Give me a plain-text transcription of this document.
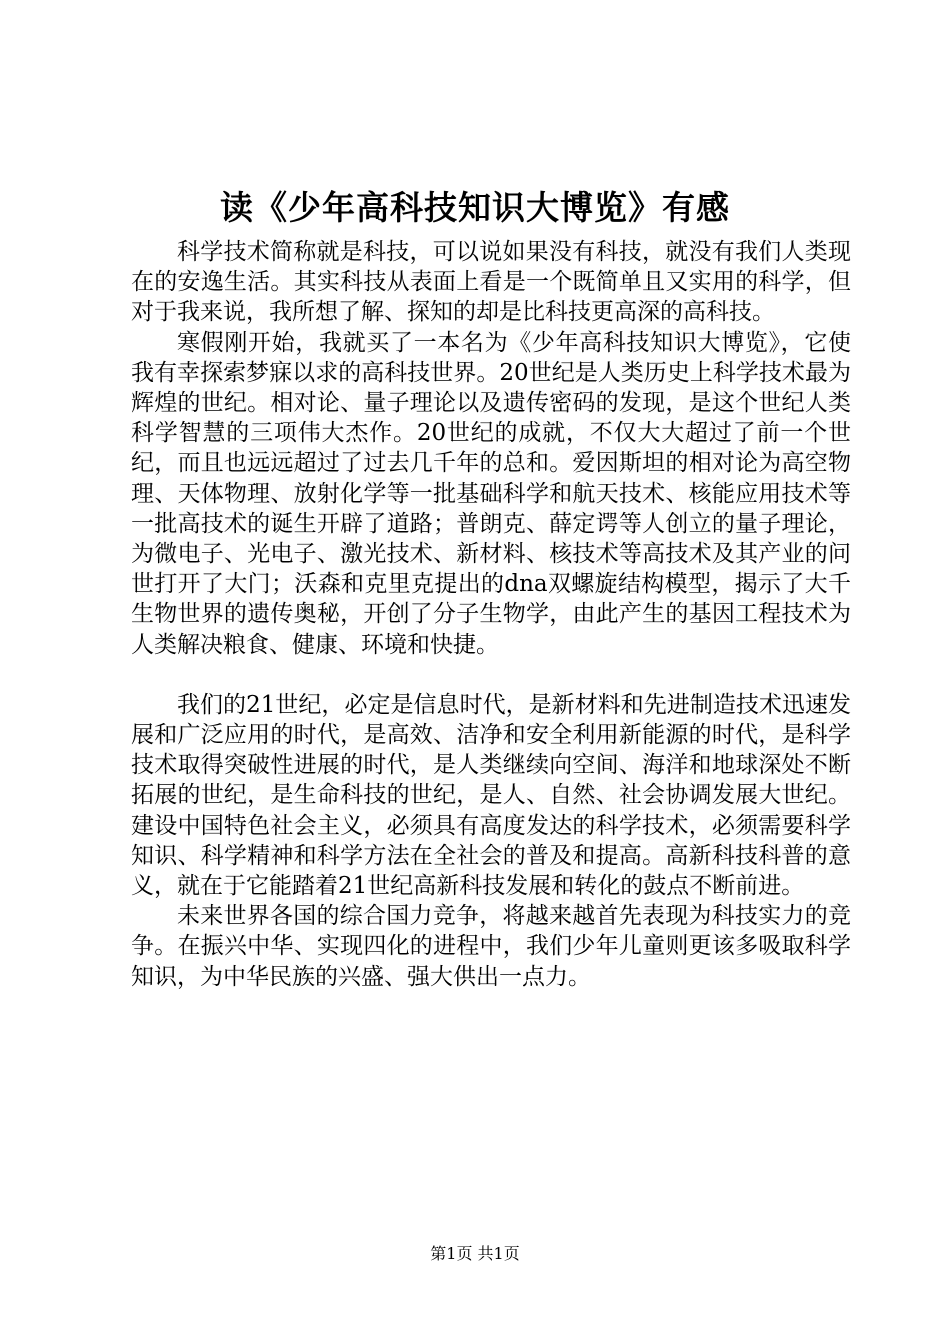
读《少年高科技知识大博览》有感

科学技术简称就是科技，可以说如果没有科技，就没有我们人类现在的安逸生活。其实科技从表面上看是一个既简单且又实用的科学，但对于我来说，我所想了解、探知的却是比科技更高深的高科技。

寒假刚开始，我就买了一本名为《少年高科技知识大博览》，它使我有幸探索梦寐以求的高科技世界。20世纪是人类历史上科学技术最为辉煌的世纪。相对论、量子理论以及遗传密码的发现，是这个世纪人类科学智慧的三项伟大杰作。20世纪的成就，不仅大大超过了前一个世纪，而且也远远超过了过去几千年的总和。爱因斯坦的相对论为高空物理、天体物理、放射化学等一批基础科学和航天技术、核能应用技术等一批高技术的诞生开辟了道路；普朗克、薛定谔等人创立的量子理论，为微电子、光电子、激光技术、新材料、核技术等高技术及其产业的问世打开了大门；沃森和克里克提出的dna双螺旋结构模型，揭示了大千生物世界的遗传奥秘，开创了分子生物学，由此产生的基因工程技术为人类解决粮食、健康、环境和快捷。

我们的21世纪，必定是信息时代，是新材料和先进制造技术迅速发展和广泛应用的时代，是高效、洁净和安全利用新能源的时代，是科学技术取得突破性进展的时代，是人类继续向空间、海洋和地球深处不断拓展的世纪，是生命科技的世纪，是人、自然、社会协调发展大世纪。建设中国特色社会主义，必须具有高度发达的科学技术，必须需要科学知识、科学精神和科学方法在全社会的普及和提高。高新科技科普的意义，就在于它能踏着21世纪高新科技发展和转化的鼓点不断前进。

未来世界各国的综合国力竞争，将越来越首先表现为科技实力的竞争。在振兴中华、实现四化的进程中，我们少年儿童则更该多吸取科学知识，为中华民族的兴盛、强大供出一点力。

第1页 共1页
